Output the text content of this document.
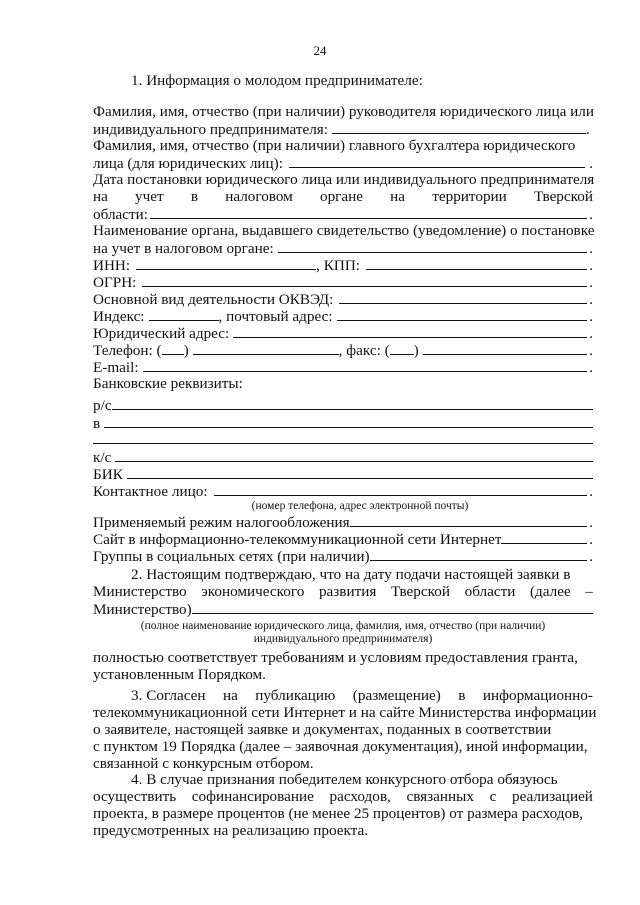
24
1. Информация о молодом предпринимателе:
Фамилия, имя, отчество (при наличии) руководителя юридического лица или
индивидуального предпринимателя:	.
Фамилия, имя, отчество (при наличии) главного бухгалтера юридического
лица (для юридических лиц):	.
Дата постановки юридического лица или индивидуального предпринимателя
на учет в налоговом органе на территории Тверской
области:	.
Наименование органа, выдавшего свидетельство (уведомление) о постановке
на учет в налоговом органе:	.
ИНН:	, КПП:	.
ОГРН:	.
Основной вид деятельности ОКВЭД:	.
Индекс:	, почтовый адрес:	.
Юридический адрес:	.
Телефон: ( )	, факс: ( )	.
E-mail:	.
Банковские реквизиты:
р/с
в
к/с
БИК
Контактное лицо:	.
(номер телефона, адрес электронной почты)
Применяемый режим налогообложения	.
Сайт в информационно-телекоммуникационной сети Интернет	.
Группы в социальных сетях (при наличии)	.
2. Настоящим подтверждаю, что на дату подачи настоящей заявки в
Министерство экономического развития Тверской области (далее –
Министерство)
(полное наименование юридического лица, фамилия, имя, отчество (при наличии)
индивидуального предпринимателя)
полностью соответствует требованиям и условиям предоставления гранта,
установленным Порядком.
3. Согласен на публикацию (размещение) в информационно-
телекоммуникационной сети Интернет и на сайте Министерства информации
о заявителе, настоящей заявке и документах, поданных в соответствии
с пунктом 19 Порядка (далее – заявочная документация), иной информации,
связанной с конкурсным отбором.
4. В случае признания победителем конкурсного отбора обязуюсь
осуществить софинансирование расходов, связанных с реализацией
проекта, в размере процентов (не менее 25 процентов) от размера расходов,
предусмотренных на реализацию проекта.
